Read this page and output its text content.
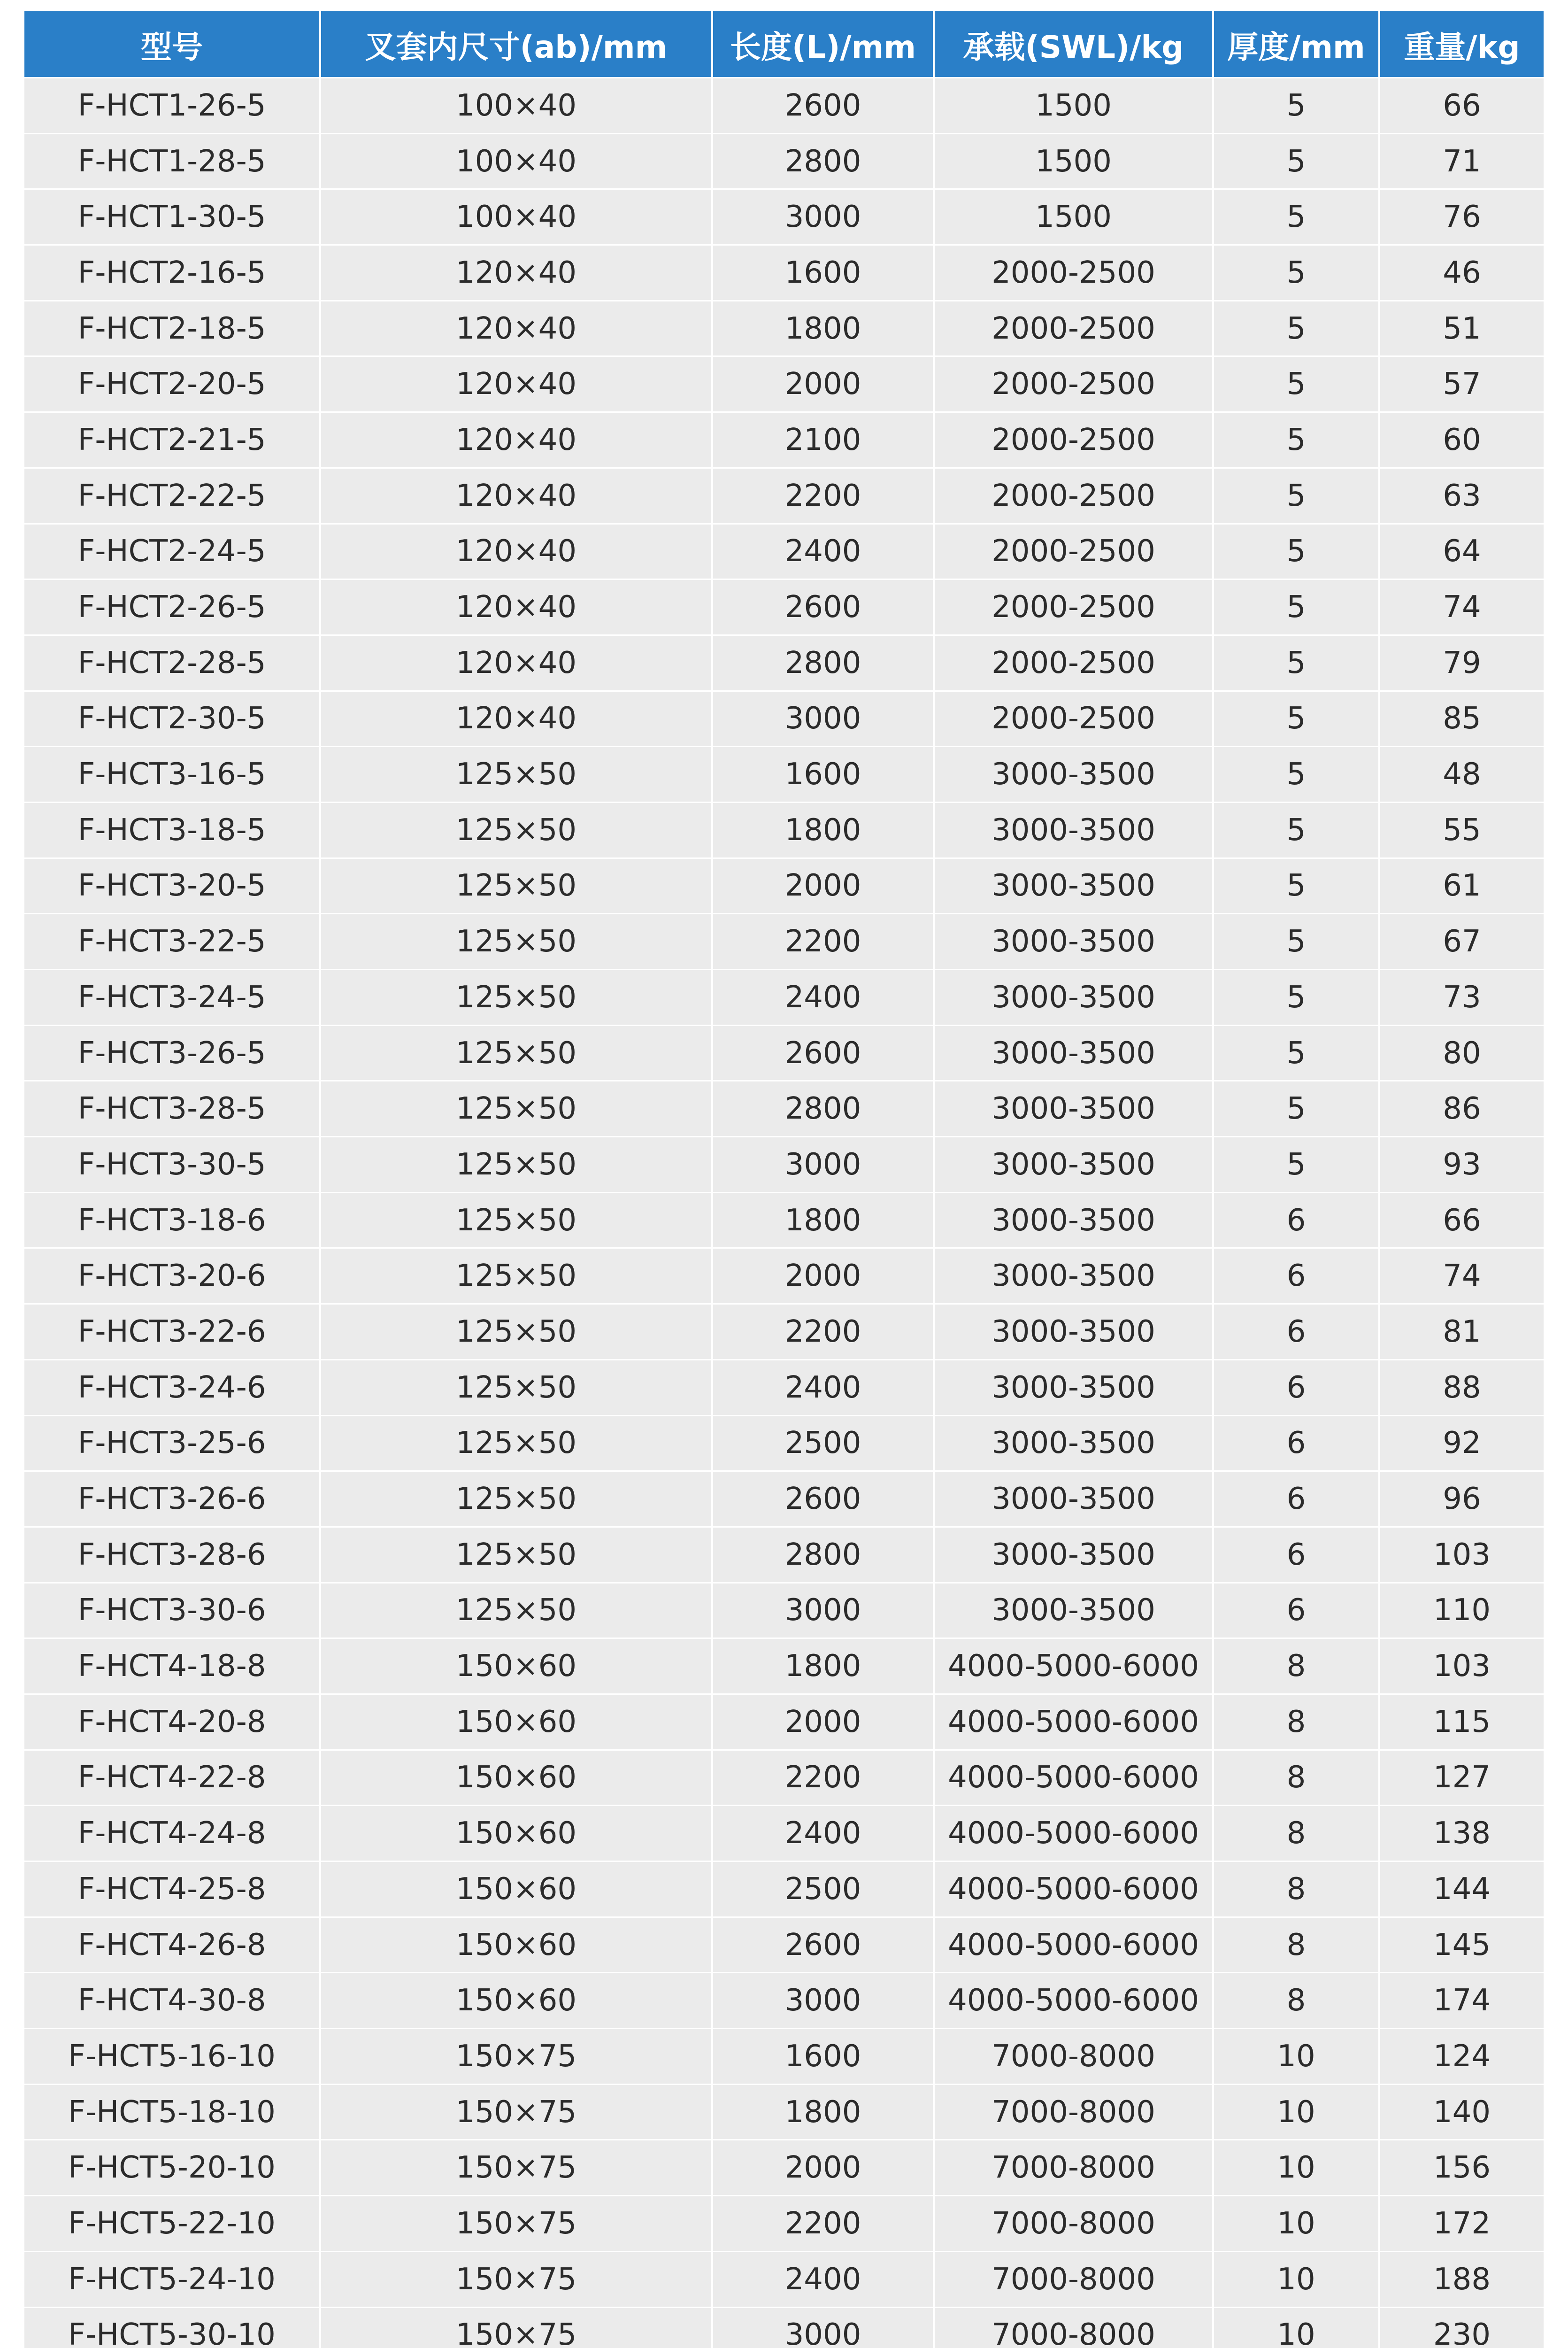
型号	叉套内尺寸(ab)/mm	长度(L)/mm	承载(SWL)/kg	厚度/mm	重量/kg
F-HCT1-26-5	100×40	2600	1500	5	66
F-HCT1-28-5	100×40	2800	1500	5	71
F-HCT1-30-5	100×40	3000	1500	5	76
F-HCT2-16-5	120×40	1600	2000-2500	5	46
F-HCT2-18-5	120×40	1800	2000-2500	5	51
F-HCT2-20-5	120×40	2000	2000-2500	5	57
F-HCT2-21-5	120×40	2100	2000-2500	5	60
F-HCT2-22-5	120×40	2200	2000-2500	5	63
F-HCT2-24-5	120×40	2400	2000-2500	5	64
F-HCT2-26-5	120×40	2600	2000-2500	5	74
F-HCT2-28-5	120×40	2800	2000-2500	5	79
F-HCT2-30-5	120×40	3000	2000-2500	5	85
F-HCT3-16-5	125×50	1600	3000-3500	5	48
F-HCT3-18-5	125×50	1800	3000-3500	5	55
F-HCT3-20-5	125×50	2000	3000-3500	5	61
F-HCT3-22-5	125×50	2200	3000-3500	5	67
F-HCT3-24-5	125×50	2400	3000-3500	5	73
F-HCT3-26-5	125×50	2600	3000-3500	5	80
F-HCT3-28-5	125×50	2800	3000-3500	5	86
F-HCT3-30-5	125×50	3000	3000-3500	5	93
F-HCT3-18-6	125×50	1800	3000-3500	6	66
F-HCT3-20-6	125×50	2000	3000-3500	6	74
F-HCT3-22-6	125×50	2200	3000-3500	6	81
F-HCT3-24-6	125×50	2400	3000-3500	6	88
F-HCT3-25-6	125×50	2500	3000-3500	6	92
F-HCT3-26-6	125×50	2600	3000-3500	6	96
F-HCT3-28-6	125×50	2800	3000-3500	6	103
F-HCT3-30-6	125×50	3000	3000-3500	6	110
F-HCT4-18-8	150×60	1800	4000-5000-6000	8	103
F-HCT4-20-8	150×60	2000	4000-5000-6000	8	115
F-HCT4-22-8	150×60	2200	4000-5000-6000	8	127
F-HCT4-24-8	150×60	2400	4000-5000-6000	8	138
F-HCT4-25-8	150×60	2500	4000-5000-6000	8	144
F-HCT4-26-8	150×60	2600	4000-5000-6000	8	145
F-HCT4-30-8	150×60	3000	4000-5000-6000	8	174
F-HCT5-16-10	150×75	1600	7000-8000	10	124
F-HCT5-18-10	150×75	1800	7000-8000	10	140
F-HCT5-20-10	150×75	2000	7000-8000	10	156
F-HCT5-22-10	150×75	2200	7000-8000	10	172
F-HCT5-24-10	150×75	2400	7000-8000	10	188
F-HCT5-30-10	150×75	3000	7000-8000	10	230
